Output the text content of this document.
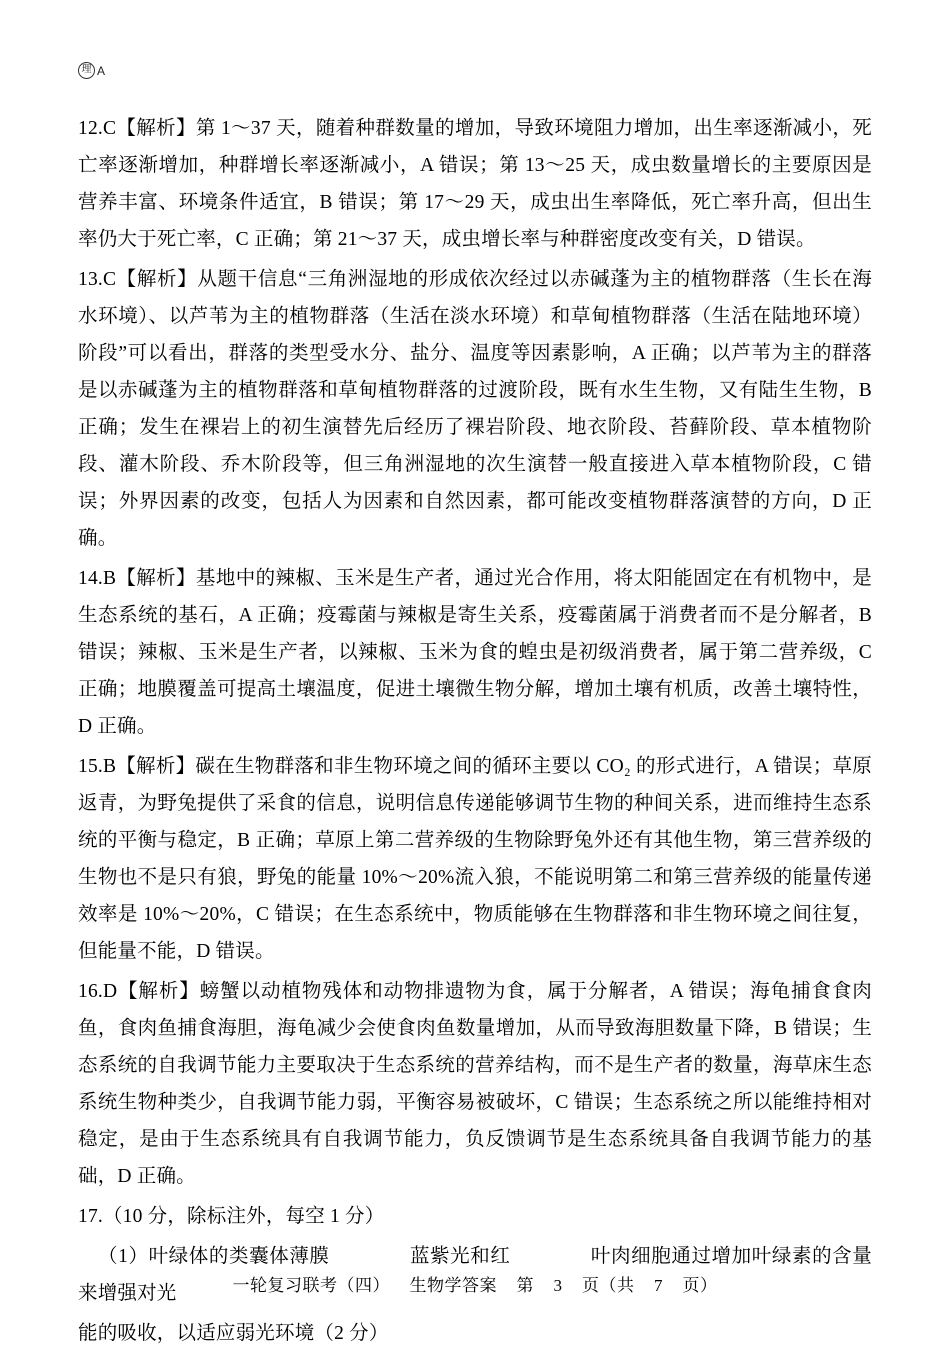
理 A

12.C【解析】第 1～37 天，随着种群数量的增加，导致环境阻力增加，出生率逐渐减小，死亡率逐渐增加，种群增长率逐渐减小，A 错误；第 13～25 天，成虫数量增长的主要原因是营养丰富、环境条件适宜，B 错误；第 17～29 天，成虫出生率降低，死亡率升高，但出生率仍大于死亡率，C 正确；第 21～37 天，成虫增长率与种群密度改变有关，D 错误。

13.C【解析】从题干信息“三角洲湿地的形成依次经过以赤碱蓬为主的植物群落（生长在海水环境）、以芦苇为主的植物群落（生活在淡水环境）和草甸植物群落（生活在陆地环境）阶段”可以看出，群落的类型受水分、盐分、温度等因素影响，A 正确；以芦苇为主的群落是以赤碱蓬为主的植物群落和草甸植物群落的过渡阶段，既有水生生物，又有陆生生物，B 正确；发生在裸岩上的初生演替先后经历了裸岩阶段、地衣阶段、苔藓阶段、草本植物阶段、灌木阶段、乔木阶段等，但三角洲湿地的次生演替一般直接进入草本植物阶段，C 错误；外界因素的改变，包括人为因素和自然因素，都可能改变植物群落演替的方向，D 正确。

14.B【解析】基地中的辣椒、玉米是生产者，通过光合作用，将太阳能固定在有机物中，是生态系统的基石，A 正确；疫霉菌与辣椒是寄生关系，疫霉菌属于消费者而不是分解者，B 错误；辣椒、玉米是生产者，以辣椒、玉米为食的蝗虫是初级消费者，属于第二营养级，C 正确；地膜覆盖可提高土壤温度，促进土壤微生物分解，增加土壤有机质，改善土壤特性，D 正确。

15.B【解析】碳在生物群落和非生物环境之间的循环主要以 CO₂ 的形式进行，A 错误；草原返青，为野兔提供了采食的信息，说明信息传递能够调节生物的种间关系，进而维持生态系统的平衡与稳定，B 正确；草原上第二营养级的生物除野兔外还有其他生物，第三营养级的生物也不是只有狼，野兔的能量 10%～20%流入狼，不能说明第二和第三营养级的能量传递效率是 10%～20%，C 错误；在生态系统中，物质能够在生物群落和非生物环境之间往复，但能量不能，D 错误。

16.D【解析】螃蟹以动植物残体和动物排遗物为食，属于分解者，A 错误；海龟捕食食肉鱼，食肉鱼捕食海胆，海龟减少会使食肉鱼数量增加，从而导致海胆数量下降，B 错误；生态系统的自我调节能力主要取决于生态系统的营养结构，而不是生产者的数量，海草床生态系统生物种类少，自我调节能力弱，平衡容易被破坏，C 错误；生态系统之所以能维持相对稳定，是由于生态系统具有自我调节能力，负反馈调节是生态系统具备自我调节能力的基础，D 正确。

17.（10 分，除标注外，每空 1 分）

（1）叶绿体的类囊体薄膜　　　　蓝紫光和红　　　　叶肉细胞通过增加叶绿素的含量来增强对光

能的吸收，以适应弱光环境（2 分）

一轮复习联考（四） 生物学答案 第 3 页（共 7 页）
